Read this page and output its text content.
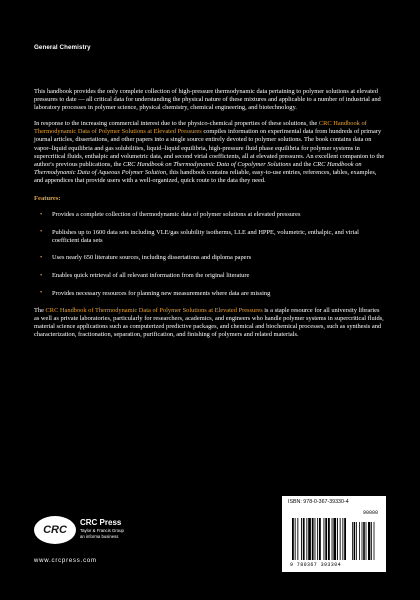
General Chemistry

This handbook provides the only complete collection of high-pressure thermodynamic data pertaining to polymer solutions at elevated pressures to date — all critical data for understanding the physical nature of these mixtures and applicable to a number of industrial and laboratory processes in polymer science, physical chemistry, chemical engineering, and biotechnology.

In response to the increasing commercial interest due to the physico-chemical properties of these solutions, the CRC Handbook of Thermodynamic Data of Polymer Solutions at Elevated Pressures compiles information on experimental data from hundreds of primary journal articles, dissertations, and other papers into a single source entirely devoted to polymer solutions. The book contains data on vapor–liquid equilibria and gas solubilities, liquid–liquid equilibria, high-pressure fluid phase equilibria for polymer systems in supercritical fluids, enthalpic and volumetric data, and second virial coefficients, all at elevated pressures. An excellent companion to the author's previous publications, the CRC Handbook on Thermodynamic Data of Copolymer Solutions and the CRC Handbook on Thermodynamic Data of Aqueous Polymer Solution, this handbook contains reliable, easy-to-use entries, references, tables, examples, and appendices that provide users with a well-organized, quick route to the data they need.

Features:
• Provides a complete collection of thermodynamic data of polymer solutions at elevated pressures
• Publishes up to 1600 data sets including VLE/gas solubility isotherms, LLE and HPPE, volumetric, enthalpic, and virial coefficient data sets
• Uses nearly 650 literature sources, including dissertations and diploma papers
• Enables quick retrieval of all relevant information from the original literature
• Provides necessary resources for planning new measurements where data are missing

The CRC Handbook of Thermodynamic Data of Polymer Solutions at Elevated Pressures is a staple resource for all university libraries as well as private laboratories, particularly for researchers, academics, and engineers who handle polymer systems in supercritical fluids, material science applications such as computerized predictive packages, and chemical and biochemical processes, such as synthesis and characterization, fractionation, separation, purification, and finishing of polymers and related materials.

CRC
CRC Press
Taylor & Francis Group
an informa business
www.crcpress.com
ISBN: 978-0-367-39330-4
90000
9 780367 393304
